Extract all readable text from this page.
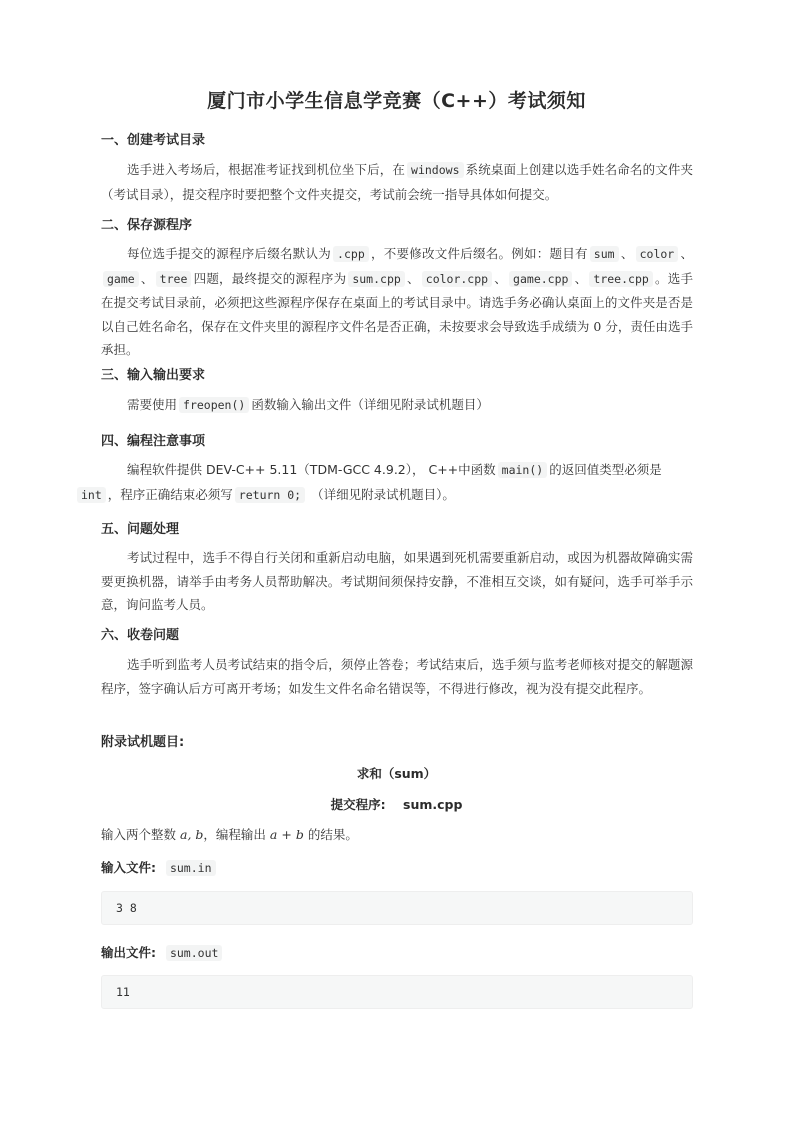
厦门市小学生信息学竞赛（C++）考试须知
一、创建考试目录
选手进入考场后，根据准考证找到机位坐下后，在 windows 系统桌面上创建以选手姓名命名的文件夹（考试目录），提交程序时要把整个文件夹提交，考试前会统一指导具体如何提交。
二、保存源程序
每位选手提交的源程序后缀名默认为 .cpp ，不要修改文件后缀名。例如：题目有 sum 、 color 、game 、 tree 四题，最终提交的源程序为 sum.cpp 、 color.cpp 、 game.cpp 、 tree.cpp 。选手在提交考试目录前，必须把这些源程序保存在桌面上的考试目录中。请选手务必确认桌面上的文件夹是否是以自己姓名命名，保存在文件夹里的源程序文件名是否正确，未按要求会导致选手成绩为 0 分，责任由选手承担。
三、输入输出要求
需要使用 freopen() 函数输入输出文件（详细见附录试机题目）
四、编程注意事项
编程软件提供 DEV-C++ 5.11（TDM-GCC 4.9.2）， C++中函数 main() 的返回值类型必须是
int ，程序正确结束必须写 return 0; （详细见附录试机题目）。
五、问题处理
考试过程中，选手不得自行关闭和重新启动电脑，如果遇到死机需要重新启动，或因为机器故障确实需要更换机器，请举手由考务人员帮助解决。考试期间须保持安静，不准相互交谈，如有疑问，选手可举手示意，询问监考人员。
六、收卷问题
选手听到监考人员考试结束的指令后，须停止答卷；考试结束后，选手须与监考老师核对提交的解题源程序，签字确认后方可离开考场；如发生文件名命名错误等，不得进行修改，视为没有提交此程序。
附录试机题目:
求和（sum）
提交程序: sum.cpp
输入两个整数 a, b，编程输出 a + b 的结果。
输入文件: sum.in
3 8
输出文件: sum.out
11
